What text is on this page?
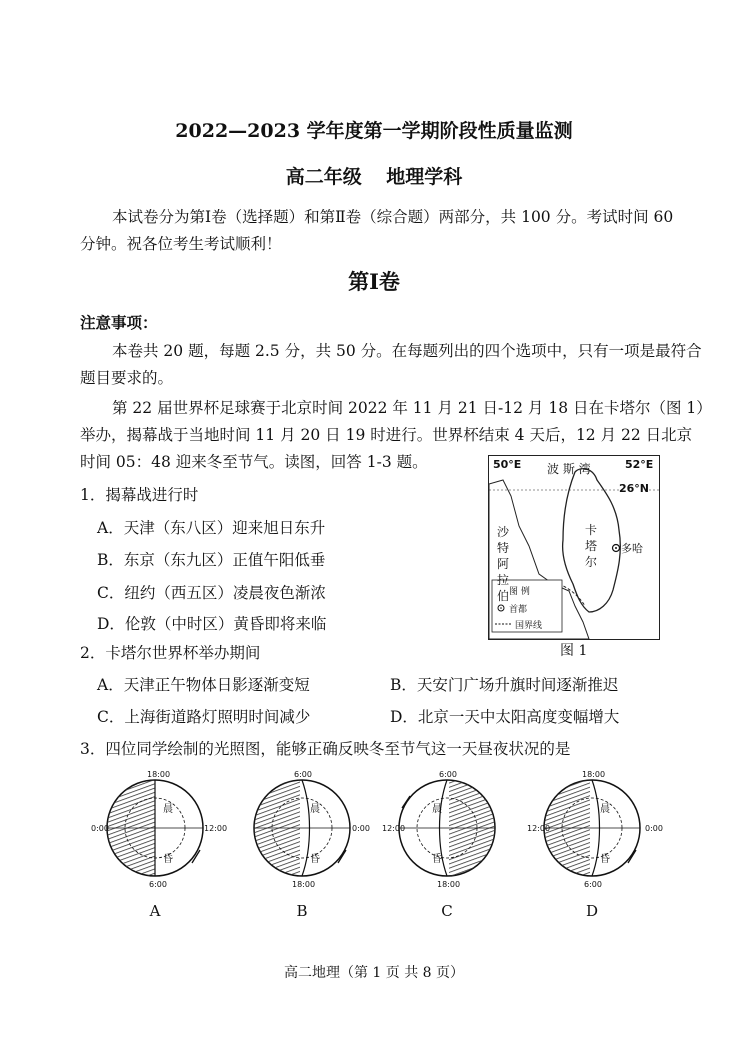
2022—2023 学年度第一学期阶段性质量监测
高二年级 地理学科
本试卷分为第Ⅰ卷（选择题）和第Ⅱ卷（综合题）两部分，共 100 分。考试时间 60
分钟。祝各位考生考试顺利！
第Ⅰ卷
注意事项：
本卷共 20 题，每题 2.5 分，共 50 分。在每题列出的四个选项中，只有一项是最符合
题目要求的。
第 22 届世界杯足球赛于北京时间 2022 年 11 月 21 日-12 月 18 日在卡塔尔（图 1）
举办，揭幕战于当地时间 11 月 20 日 19 时进行。世界杯结束 4 天后，12 月 22 日北京
时间 05：48 迎来冬至节气。读图，回答 1-3 题。
1．揭幕战进行时
A．天津（东八区）迎来旭日东升
B．东京（东九区）正值午阳低垂
C．纽约（西五区）凌晨夜色渐浓
D．伦敦（中时区）黄昏即将来临
50°E	52°E
波 斯 湾
26°N
卡
塔
尔
沙
特
阿
拉
伯
多哈
图 例
首都
国界线
图 1
2．卡塔尔世界杯举办期间
A．天津正午物体日影逐渐变短	B．天安门广场升旗时间逐渐推迟
C．上海街道路灯照明时间减少	D．北京一天中太阳高度变幅增大
3．四位同学绘制的光照图，能够正确反映冬至节气这一天昼夜状况的是
18:00
6:00
0:00	12:00
晨
昏
6:00
18:00
0:00
晨
昏
6:00
18:00
12:00
晨
昏
18:00
6:00
12:00	0:00
晨
昏
A	B	C	D
高二地理（第 1 页 共 8 页）
